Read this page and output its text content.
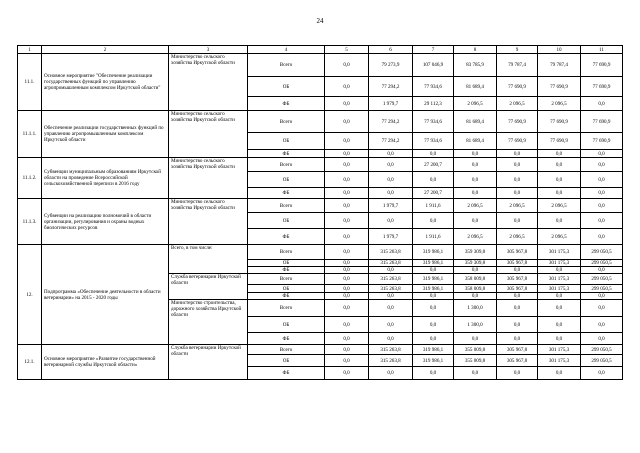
24
1	2	3	4	5	6	7	8	9	10	11
11.1.	Основное мероприятие "Обеспечение реализации государственных функций по управлению агропромышленным комплексом Иркутской области"	Министерство сельского хозяйства Иркутской области	Всего	0,0	79 273,9	107 046,9	83 785,9	79 787,4	79 787,4	77 690,9
			ОБ	0,0	77 294,2	77 934,6	81 689,4	77 690,9	77 690,9	77 690,9
			ФБ	0,0	1 979,7	29 112,3	2 096,5	2 096,5	2 096,5	0,0
11.1.1.	Обеспечение реализации государственных функций по управлению агропромышленным комплексом Иркутской области	Министерство сельского хозяйства Иркутской области	Всего	0,0	77 294,2	77 934,6	81 689,4	77 690,9	77 690,9	77 690,9
			ОБ	0,0	77 294,2	77 934,6	81 689,4	77 690,9	77 690,9	77 690,9
			ФБ	0,0	0,0	0,0	0,0	0,0	0,0	0,0
11.1.2.	Субвенции муниципальным образованиям Иркутской области на проведение Всероссийской сельскохозяйственной переписи в 2016 году	Министерство сельского хозяйства Иркутской области	Всего	0,0	0,0	27 200,7	0,0	0,0	0,0	0,0
			ОБ	0,0	0,0	0,0	0,0	0,0	0,0	0,0
			ФБ	0,0	0,0	27 200,7	0,0	0,0	0,0	0,0
11.1.3.	Субвенции на реализацию полномочий в области организации, регулирования и охраны водных биологических ресурсов	Министерство сельского хозяйства Иркутской области	Всего	0,0	1 979,7	1 911,6	2 096,5	2 096,5	2 096,5	0,0
			ОБ	0,0	0,0	0,0	0,0	0,0	0,0	0,0
			ФБ	0,0	1 979,7	1 911,6	2 096,5	2 096,5	2 096,5	0,0
12.	Подпрограмма «Обеспечение деятельности в области ветеринарии» на 2015 - 2020 годы	Всего, в том числе:	Всего	0,0	315 263,8	319 986,1	359 309,8	305 967,8	301 175,3	299 050,5
			ОБ	0,0	315 263,8	319 986,1	359 309,8	305 967,8	301 175,3	299 050,5
			ФБ	0,0	0,0	0,0	0,0	0,0	0,0	0,0
		Служба ветеринарии Иркутской области	Всего	0,0	315 263,8	319 986,1	358 009,8	305 967,8	301 175,3	299 050,5
			ОБ	0,0	315 263,8	319 986,1	358 009,8	305 967,8	301 175,3	299 050,5
			ФБ	0,0	0,0	0,0	0,0	0,0	0,0	0,0
		Министерство строительства, дорожного хозяйства Иркутской области	Всего	0,0	0,0	0,0	1 300,0	0,0	0,0	0,0
			ОБ	0,0	0,0	0,0	1 300,0	0,0	0,0	0,0
			ФБ	0,0	0,0	0,0	0,0	0,0	0,0	0,0
12.1.	Основное мероприятие «Развитие государственной ветеринарной службы Иркутской области»	Служба ветеринарии Иркутской области	Всего	0,0	315 263,8	319 986,1	355 009,8	305 967,8	301 175,3	299 050,5
			ОБ	0,0	315 263,8	319 986,1	355 009,8	305 967,8	301 175,3	299 050,5
			ФБ	0,0	0,0	0,0	0,0	0,0	0,0	0,0
